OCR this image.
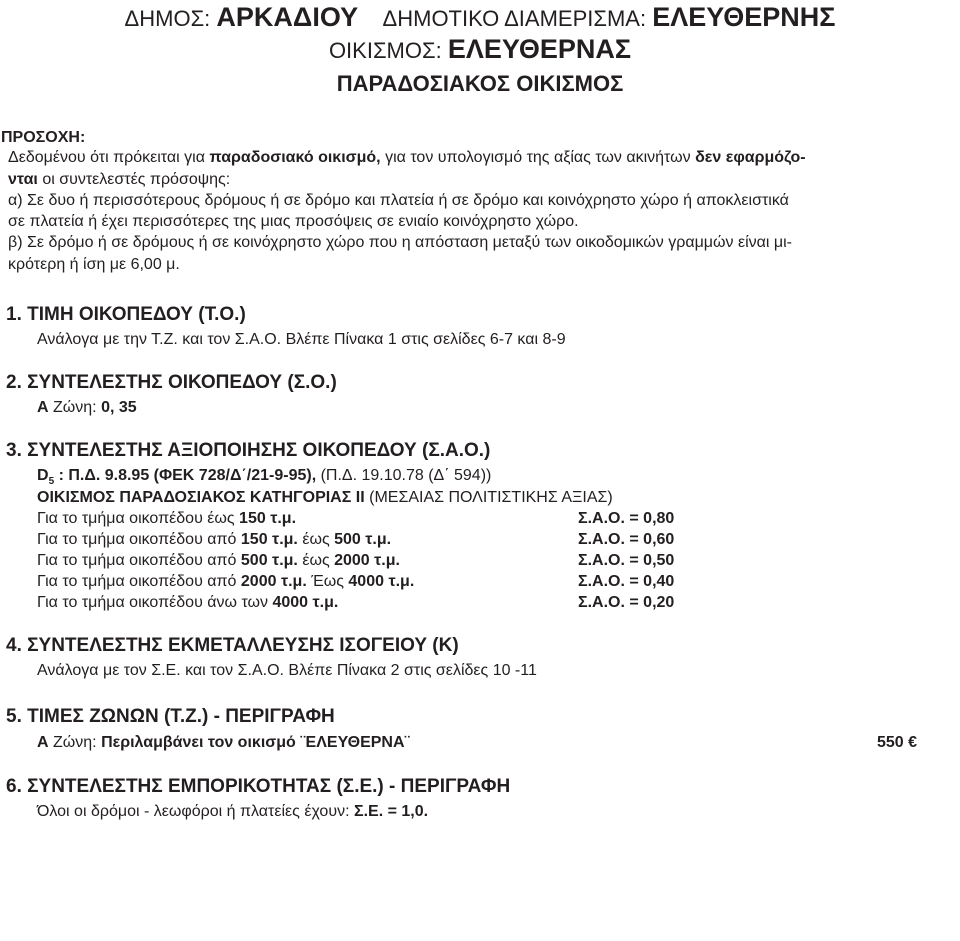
ΔΗΜΟΣ: ΑΡΚΑΔΙΟΥ ΔΗΜΟΤΙΚΟ ΔΙΑΜΕΡΙΣΜΑ: ΕΛΕΥΘΕΡΝΗΣ
ΟΙΚΙΣΜΟΣ: ΕΛΕΥΘΕΡΝΑΣ
ΠΑΡΑΔΟΣΙΑΚΟΣ ΟΙΚΙΣΜΟΣ
ΠΡΟΣΟΧΗ:
Δεδομένου ότι πρόκειται για παραδοσιακό οικισμό, για τον υπολογισμό της αξίας των ακινήτων δεν εφαρμόζο-
νται οι συντελεστές πρόσοψης:
α) Σε δυο ή περισσότερους δρόμους ή σε δρόμο και πλατεία ή σε δρόμο και κοινόχρηστο χώρο ή αποκλειστικά
σε πλατεία ή έχει περισσότερες της μιας προσόψεις σε ενιαίο κοινόχρηστο χώρο.
β) Σε δρόμο ή σε δρόμους ή σε κοινόχρηστο χώρο που η απόσταση μεταξύ των οικοδομικών γραμμών είναι μι-
κρότερη ή ίση με 6,00 μ.
1. ΤΙΜΗ ΟΙΚΟΠΕΔΟΥ (Τ.Ο.)
Ανάλογα με την Τ.Ζ. και τον Σ.Α.Ο. Βλέπε Πίνακα 1 στις σελίδες 6-7 και 8-9
2. ΣΥΝΤΕΛΕΣΤΗΣ ΟΙΚΟΠΕΔΟΥ (Σ.Ο.)
Α Ζώνη: 0, 35
3. ΣΥΝΤΕΛΕΣΤΗΣ ΑΞΙΟΠΟΙΗΣΗΣ ΟΙΚΟΠΕΔΟΥ (Σ.Α.Ο.)
$D_5$ : Π.Δ. 9.8.95 (ΦΕΚ 728/Δ΄/21-9-95), (Π.Δ. 19.10.78 (Δ΄ 594))
ΟΙΚΙΣΜΟΣ ΠΑΡΑΔΟΣΙΑΚΟΣ ΚΑΤΗΓΟΡΙΑΣ ΙΙ (ΜΕΣΑΙΑΣ ΠΟΛΙΤΙΣΤΙΚΗΣ ΑΞΙΑΣ)
Για το τμήμα οικοπέδου έως 150 τ.μ.	Σ.Α.Ο. = 0,80
Για το τμήμα οικοπέδου από 150 τ.μ. έως 500 τ.μ.	Σ.Α.Ο. = 0,60
Για το τμήμα οικοπέδου από 500 τ.μ. έως 2000 τ.μ.	Σ.Α.Ο. = 0,50
Για το τμήμα οικοπέδου από 2000 τ.μ. Έως 4000 τ.μ.	Σ.Α.Ο. = 0,40
Για το τμήμα οικοπέδου άνω των 4000 τ.μ.	Σ.Α.Ο. = 0,20
4. ΣΥΝΤΕΛΕΣΤΗΣ ΕΚΜΕΤΑΛΛΕΥΣΗΣ ΙΣΟΓΕΙΟΥ (Κ)
Ανάλογα με τον Σ.Ε. και τον Σ.Α.Ο. Βλέπε Πίνακα 2 στις σελίδες 10 -11
5. ΤΙΜΕΣ ΖΩΝΩΝ (Τ.Ζ.) - ΠΕΡΙΓΡΑΦΗ
Α Ζώνη: Περιλαμβάνει τον οικισμό ¨ΕΛΕΥΘΕΡΝΑ¨	550 €
6. ΣΥΝΤΕΛΕΣΤΗΣ ΕΜΠΟΡΙΚΟΤΗΤΑΣ (Σ.Ε.) - ΠΕΡΙΓΡΑΦΗ
Όλοι οι δρόμοι - λεωφόροι ή πλατείες έχουν: Σ.Ε. = 1,0.
